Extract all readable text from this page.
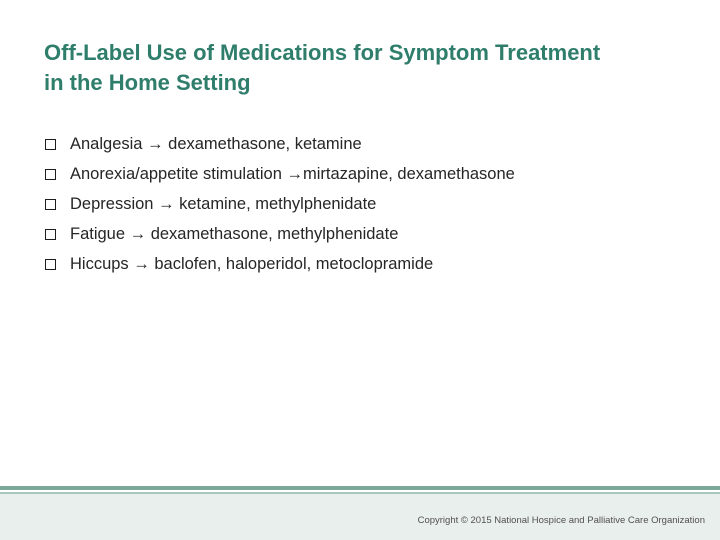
Off-Label Use of Medications for Symptom Treatment
in the Home Setting
Analgesia → dexamethasone, ketamine
Anorexia/appetite stimulation →mirtazapine, dexamethasone
Depression → ketamine, methylphenidate
Fatigue → dexamethasone, methylphenidate
Hiccups → baclofen, haloperidol, metoclopramide
Copyright © 2015 National Hospice and Palliative Care Organization
